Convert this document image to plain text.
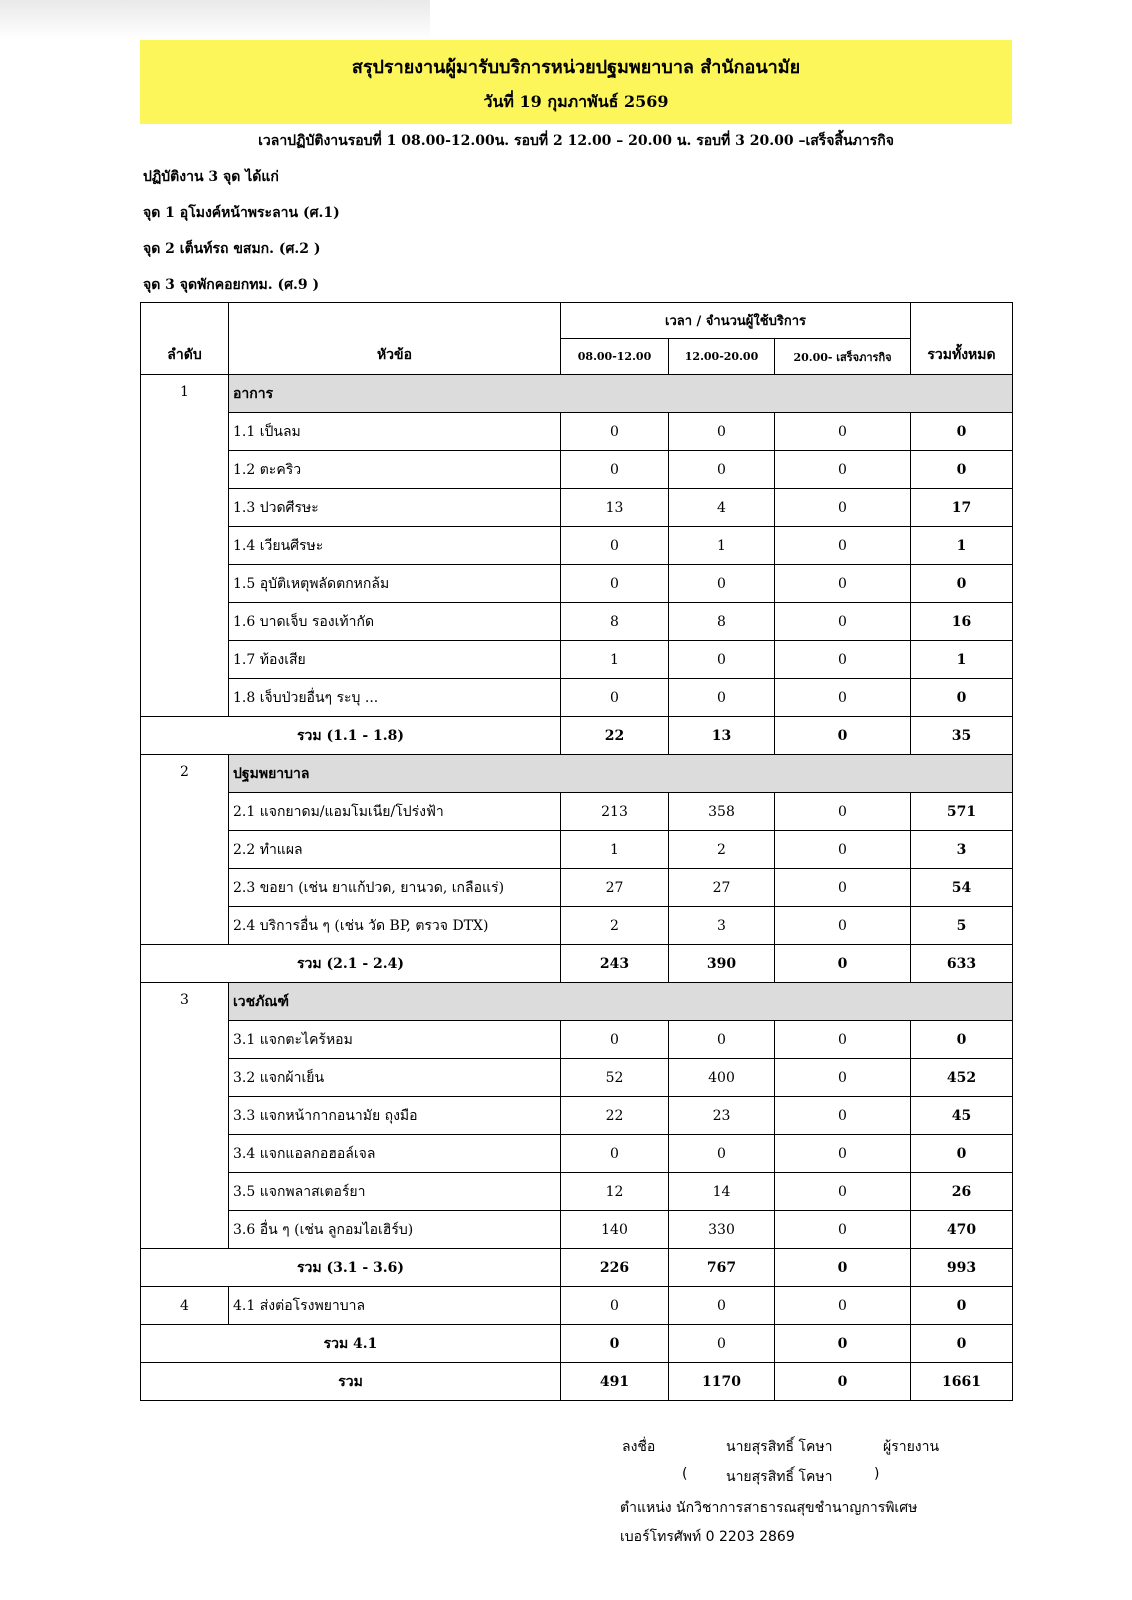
สรุปรายงานผู้มารับบริการหน่วยปฐมพยาบาล สำนักอนามัย
วันที่ 19 กุมภาพันธ์ 2569
เวลาปฏิบัติงานรอบที่ 1 08.00-12.00น. รอบที่ 2 12.00 – 20.00 น. รอบที่ 3 20.00 –เสร็จสิ้นภารกิจ
ปฏิบัติงาน 3 จุด ได้แก่
จุด 1 อุโมงค์หน้าพระลาน (ศ.1)
จุด 2 เต็นท์รถ ขสมก. (ศ.2 )
จุด 3 จุดพักคอยกทม. (ศ.9 )
ลำดับ	หัวข้อ	เวลา / จำนวนผู้ใช้บริการ			รวมทั้งหมด
		08.00-12.00	12.00-20.00	20.00- เสร็จภารกิจ	
1	อาการ				
	1.1 เป็นลม	0	0	0	0
	1.2 ตะคริว	0	0	0	0
	1.3 ปวดศีรษะ	13	4	0	17
	1.4 เวียนศีรษะ	0	1	0	1
	1.5 อุบัติเหตุพลัดตกหกล้ม	0	0	0	0
	1.6 บาดเจ็บ รองเท้ากัด	8	8	0	16
	1.7 ท้องเสีย	1	0	0	1
	1.8 เจ็บป่วยอื่นๆ ระบุ ...	0	0	0	0
รวม (1.1 - 1.8)		22	13	0	35
2	ปฐมพยาบาล				
	2.1 แจกยาดม/แอมโมเนีย/โปร่งฟ้า	213	358	0	571
	2.2 ทำแผล	1	2	0	3
	2.3 ขอยา (เช่น ยาแก้ปวด, ยานวด, เกลือแร่)	27	27	0	54
	2.4 บริการอื่น ๆ (เช่น วัด BP, ตรวจ DTX)	2	3	0	5
รวม (2.1 - 2.4)		243	390	0	633
3	เวชภัณฑ์				
	3.1 แจกตะไคร้หอม	0	0	0	0
	3.2 แจกผ้าเย็น	52	400	0	452
	3.3 แจกหน้ากากอนามัย ถุงมือ	22	23	0	45
	3.4 แจกแอลกอฮอล์เจล	0	0	0	0
	3.5 แจกพลาสเตอร์ยา	12	14	0	26
	3.6 อื่น ๆ (เช่น ลูกอมไอเฮิร์บ)	140	330	0	470
รวม (3.1 - 3.6)		226	767	0	993
4	4.1 ส่งต่อโรงพยาบาล	0	0	0	0
รวม 4.1		0	0	0	0
รวม		491	1170	0	1661
ลงชื่อ	นายสุรสิทธิ์ โคษา	ผู้รายงาน
(	นายสุรสิทธิ์ โคษา	)
ตำแหน่ง นักวิชาการสาธารณสุขชำนาญการพิเศษ
เบอร์โทรศัพท์ 0 2203 2869
